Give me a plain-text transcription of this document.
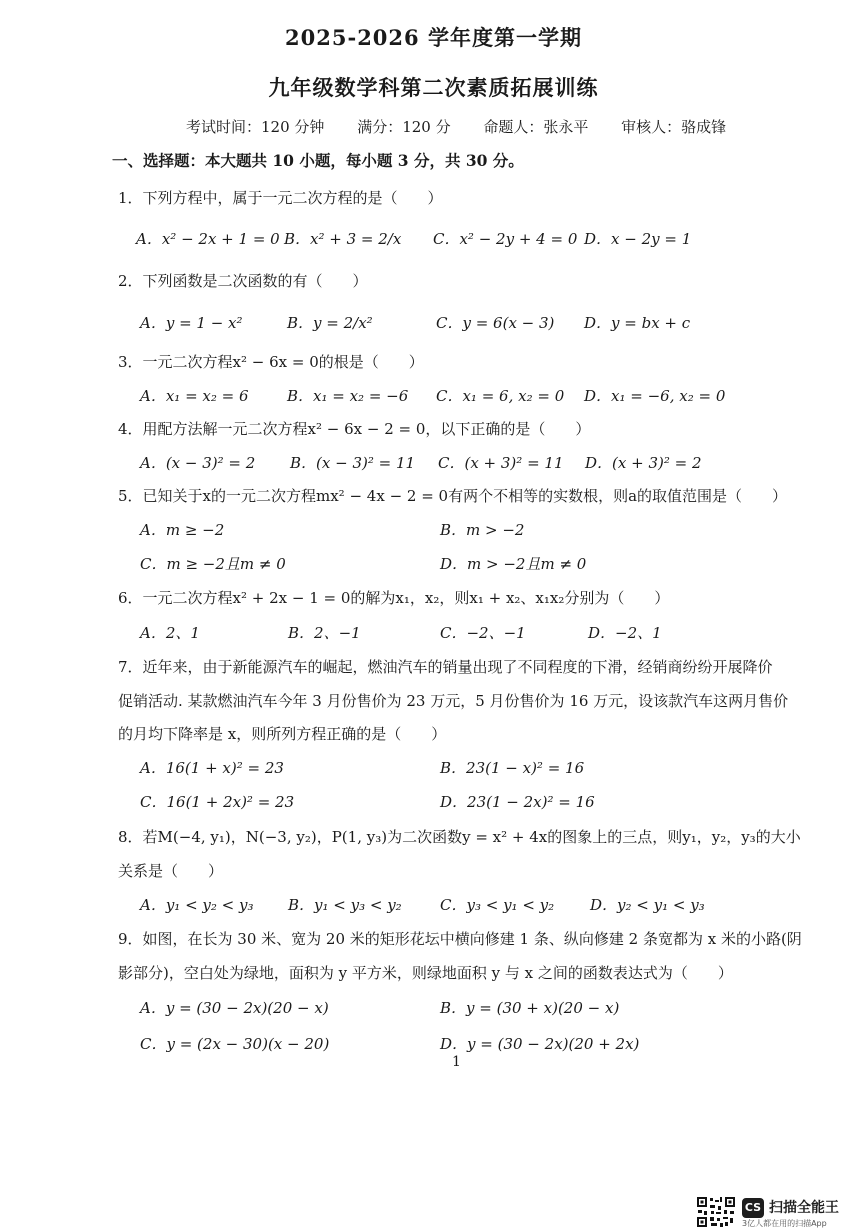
2025-2026 学年度第一学期
九年级数学科第二次素质拓展训练
考试时间：120 分钟 满分：120 分 命题人：张永平 审核人：骆成锋
一、选择题：本大题共 10 小题，每小题 3 分，共 30 分。
1．下列方程中，属于一元二次方程的是（　　）
A．x² − 2x + 1 = 0 B．x² + 3 = 2/x C．x² − 2y + 4 = 0 D．x − 2y = 1
2．下列函数是二次函数的有（　　）
A．y = 1 − x²	B．y = 2/x²	C．y = 6(x − 3) D．y = bx + c
3．一元二次方程x² − 6x = 0的根是（　　）
A．x₁ = x₂ = 6	B．x₁ = x₂ = −6 C．x₁ = 6, x₂ = 0 D．x₁ = −6, x₂ = 0
4．用配方法解一元二次方程x² − 6x − 2 = 0，以下正确的是（　　）
A．(x − 3)² = 2 B．(x − 3)² = 11 C．(x + 3)² = 11 D．(x + 3)² = 2
5．已知关于x的一元二次方程mx² − 4x − 2 = 0有两个不相等的实数根，则a的取值范围是（　　）
A．m ≥ −2	B．m > −2
C．m ≥ −2且m ≠ 0	D．m > −2且m ≠ 0
6．一元二次方程x² + 2x − 1 = 0的解为x₁，x₂，则x₁ + x₂、x₁x₂分别为（　　）
A．2、1	B．2、−1	C．−2、−1	D．−2、1
7．近年来，由于新能源汽车的崛起，燃油汽车的销量出现了不同程度的下滑，经销商纷纷开展降价
促销活动. 某款燃油汽车今年 3 月份售价为 23 万元，5 月份售价为 16 万元，设该款汽车这两月售价
的月均下降率是 x，则所列方程正确的是（　　）
A．16(1 + x)² = 23	B．23(1 − x)² = 16
C．16(1 + 2x)² = 23	D．23(1 − 2x)² = 16
8．若M(−4, y₁)，N(−3, y₂)，P(1, y₃)为二次函数y = x² + 4x的图象上的三点，则y₁，y₂，y₃的大小
关系是（　　）
A．y₁ < y₂ < y₃ B．y₁ < y₃ < y₂	C．y₃ < y₁ < y₂ D．y₂ < y₁ < y₃
9．如图，在长为 30 米、宽为 20 米的矩形花坛中横向修建 1 条、纵向修建 2 条宽都为 x 米的小路(阴
影部分)，空白处为绿地，面积为 y 平方米，则绿地面积 y 与 x 之间的函数表达式为（　　）
A．y = (30 − 2x)(20 − x)	B．y = (30 + x)(20 − x)
C．y = (2x − 30)(x − 20)	D．y = (30 − 2x)(20 + 2x)
1
CS 扫描全能王
3亿人都在用的扫描App
